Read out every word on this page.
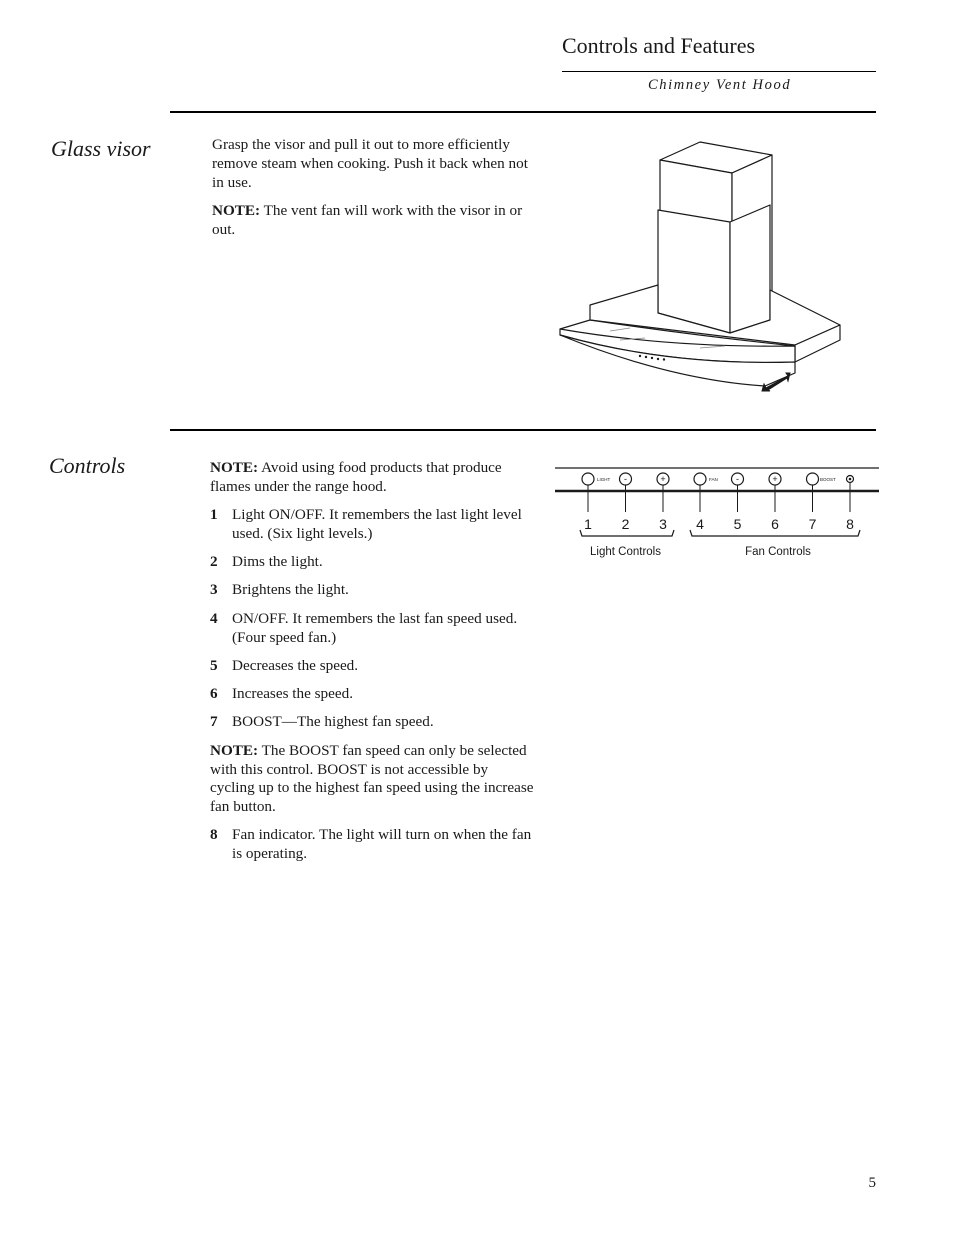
Controls and Features
Chimney Vent Hood
Glass visor	Grasp the visor and pull it out to more efficiently remove steam when cooking. Push it back when not in use.

NOTE: The vent fan will work with the visor in or out.

Controls	NOTE: Avoid using food products that produce flames under the range hood.

1 Light ON/OFF. It remembers the last light level used. (Six light levels.)
2 Dims the light.
3 Brightens the light.
4 ON/OFF. It remembers the last fan speed used. (Four speed fan.)
5 Decreases the speed.
6 Increases the speed.
7 BOOST—The highest fan speed.

NOTE: The BOOST fan speed can only be selected with this control. BOOST is not accessible by cycling up to the highest fan speed using the increase fan button.

8 Fan indicator. The light will turn on when the fan is operating.
LIGHT	FAN	BOOST
-	+	-	+
1 2 3 4 5 6 7 8
Light Controls	Fan Controls
5
